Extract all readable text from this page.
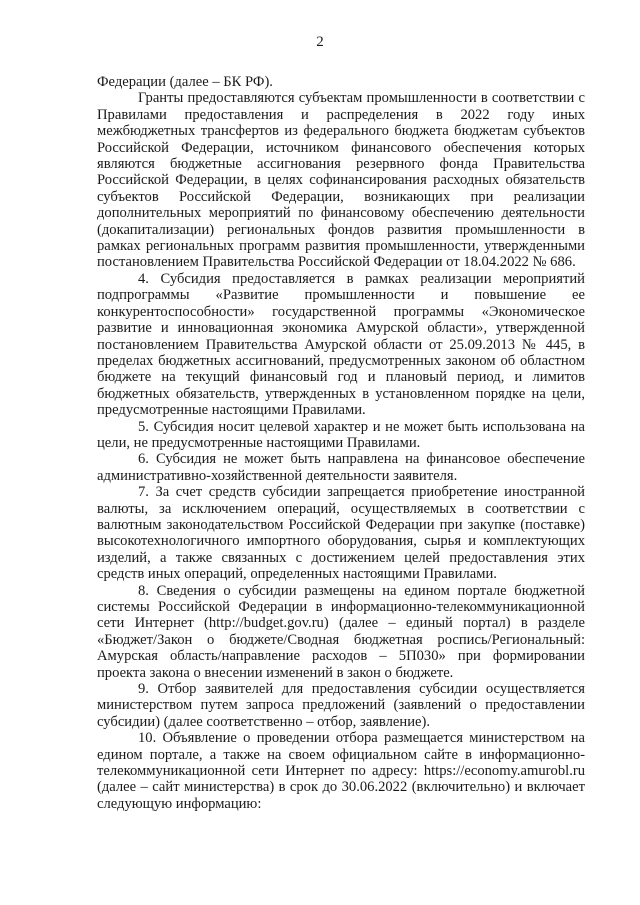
2

Федерации (далее – БК РФ).

Гранты предоставляются субъектам промышленности в соответствии с Правилами предоставления и распределения в 2022 году иных межбюджетных трансфертов из федерального бюджета бюджетам субъектов Российской Федерации, источником финансового обеспечения которых являются бюджетные ассигнования резервного фонда Правительства Российской Федерации, в целях софинансирования расходных обязательств субъектов Российской Федерации, возникающих при реализации дополнительных мероприятий по финансовому обеспечению деятельности (докапитализации) региональных фондов развития промышленности в рамках региональных программ развития промышленности, утвержденными постановлением Правительства Российской Федерации от 18.04.2022 № 686.

4. Субсидия предоставляется в рамках реализации мероприятий подпрограммы «Развитие промышленности и повышение ее конкурентоспособности» государственной программы «Экономическое развитие и инновационная экономика Амурской области», утвержденной постановлением Правительства Амурской области от 25.09.2013 № 445, в пределах бюджетных ассигнований, предусмотренных законом об областном бюджете на текущий финансовый год и плановый период, и лимитов бюджетных обязательств, утвержденных в установленном порядке на цели, предусмотренные настоящими Правилами.

5. Субсидия носит целевой характер и не может быть использована на цели, не предусмотренные настоящими Правилами.

6. Субсидия не может быть направлена на финансовое обеспечение административно-хозяйственной деятельности заявителя.

7. За счет средств субсидии запрещается приобретение иностранной валюты, за исключением операций, осуществляемых в соответствии с валютным законодательством Российской Федерации при закупке (поставке) высокотехнологичного импортного оборудования, сырья и комплектующих изделий, а также связанных с достижением целей предоставления этих средств иных операций, определенных настоящими Правилами.

8. Сведения о субсидии размещены на едином портале бюджетной системы Российской Федерации в информационно-телекоммуникационной сети Интернет (http://budget.gov.ru) (далее – единый портал) в разделе «Бюджет/Закон о бюджете/Сводная бюджетная роспись/Региональный: Амурская область/направление расходов – 5П030» при формировании проекта закона о внесении изменений в закон о бюджете.

9. Отбор заявителей для предоставления субсидии осуществляется министерством путем запроса предложений (заявлений о предоставлении субсидии) (далее соответственно – отбор, заявление).

10. Объявление о проведении отбора размещается министерством на едином портале, а также на своем официальном сайте в информационно-телекоммуникационной сети Интернет по адресу: https://economy.amurobl.ru (далее – сайт министерства) в срок до 30.06.2022 (включительно) и включает следующую информацию:
